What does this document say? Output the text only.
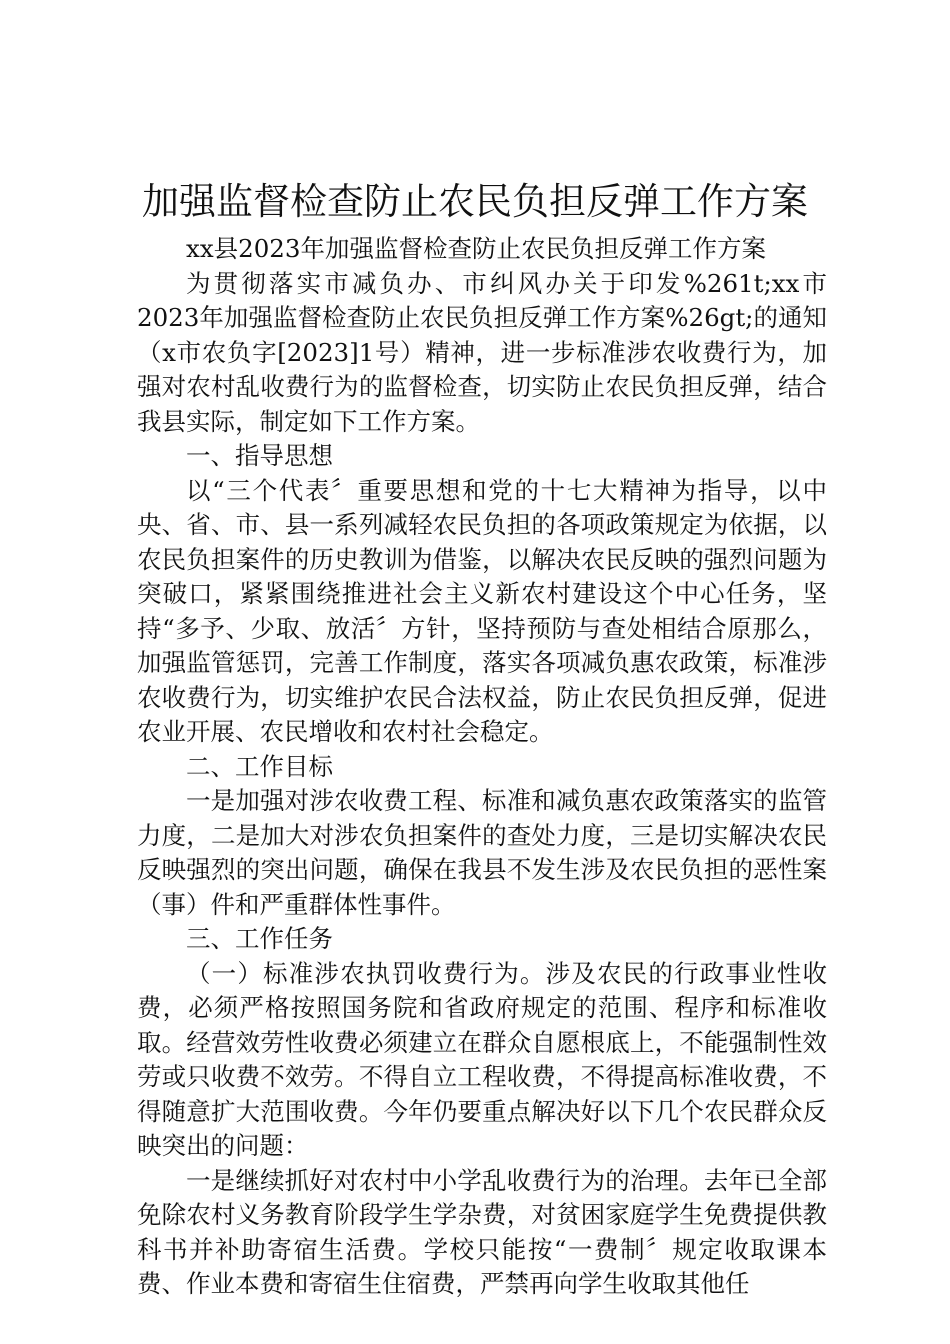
加强监督检查防止农民负担反弹工作方案

xx县2023年加强监督检查防止农民负担反弹工作方案

为贯彻落实市减负办、市纠风办关于印发%261t;xx市2023年加强监督检查防止农民负担反弹工作方案%26gt;的通知（x市农负字[2023]1号）精神，进一步标准涉农收费行为，加强对农村乱收费行为的监督检查，切实防止农民负担反弹，结合我县实际，制定如下工作方案。

一、指导思想

以“三个代表〞重要思想和党的十七大精神为指导，以中央、省、市、县一系列减轻农民负担的各项政策规定为依据，以农民负担案件的历史教训为借鉴，以解决农民反映的强烈问题为突破口，紧紧围绕推进社会主义新农村建设这个中心任务，坚持“多予、少取、放活〞方针，坚持预防与查处相结合原那么，加强监管惩罚，完善工作制度，落实各项减负惠农政策，标准涉农收费行为，切实维护农民合法权益，防止农民负担反弹，促进农业开展、农民增收和农村社会稳定。

二、工作目标

一是加强对涉农收费工程、标准和减负惠农政策落实的监管力度，二是加大对涉农负担案件的查处力度，三是切实解决农民反映强烈的突出问题，确保在我县不发生涉及农民负担的恶性案（事）件和严重群体性事件。

三、工作任务

（一）标准涉农执罚收费行为。涉及农民的行政事业性收费，必须严格按照国务院和省政府规定的范围、程序和标准收取。经营效劳性收费必须建立在群众自愿根底上，不能强制性效劳或只收费不效劳。不得自立工程收费，不得提高标准收费，不得随意扩大范围收费。今年仍要重点解决好以下几个农民群众反映突出的问题：

一是继续抓好对农村中小学乱收费行为的治理。去年已全部免除农村义务教育阶段学生学杂费，对贫困家庭学生免费提供教科书并补助寄宿生活费。学校只能按“一费制〞规定收取课本费、作业本费和寄宿生住宿费，严禁再向学生收取其他任
